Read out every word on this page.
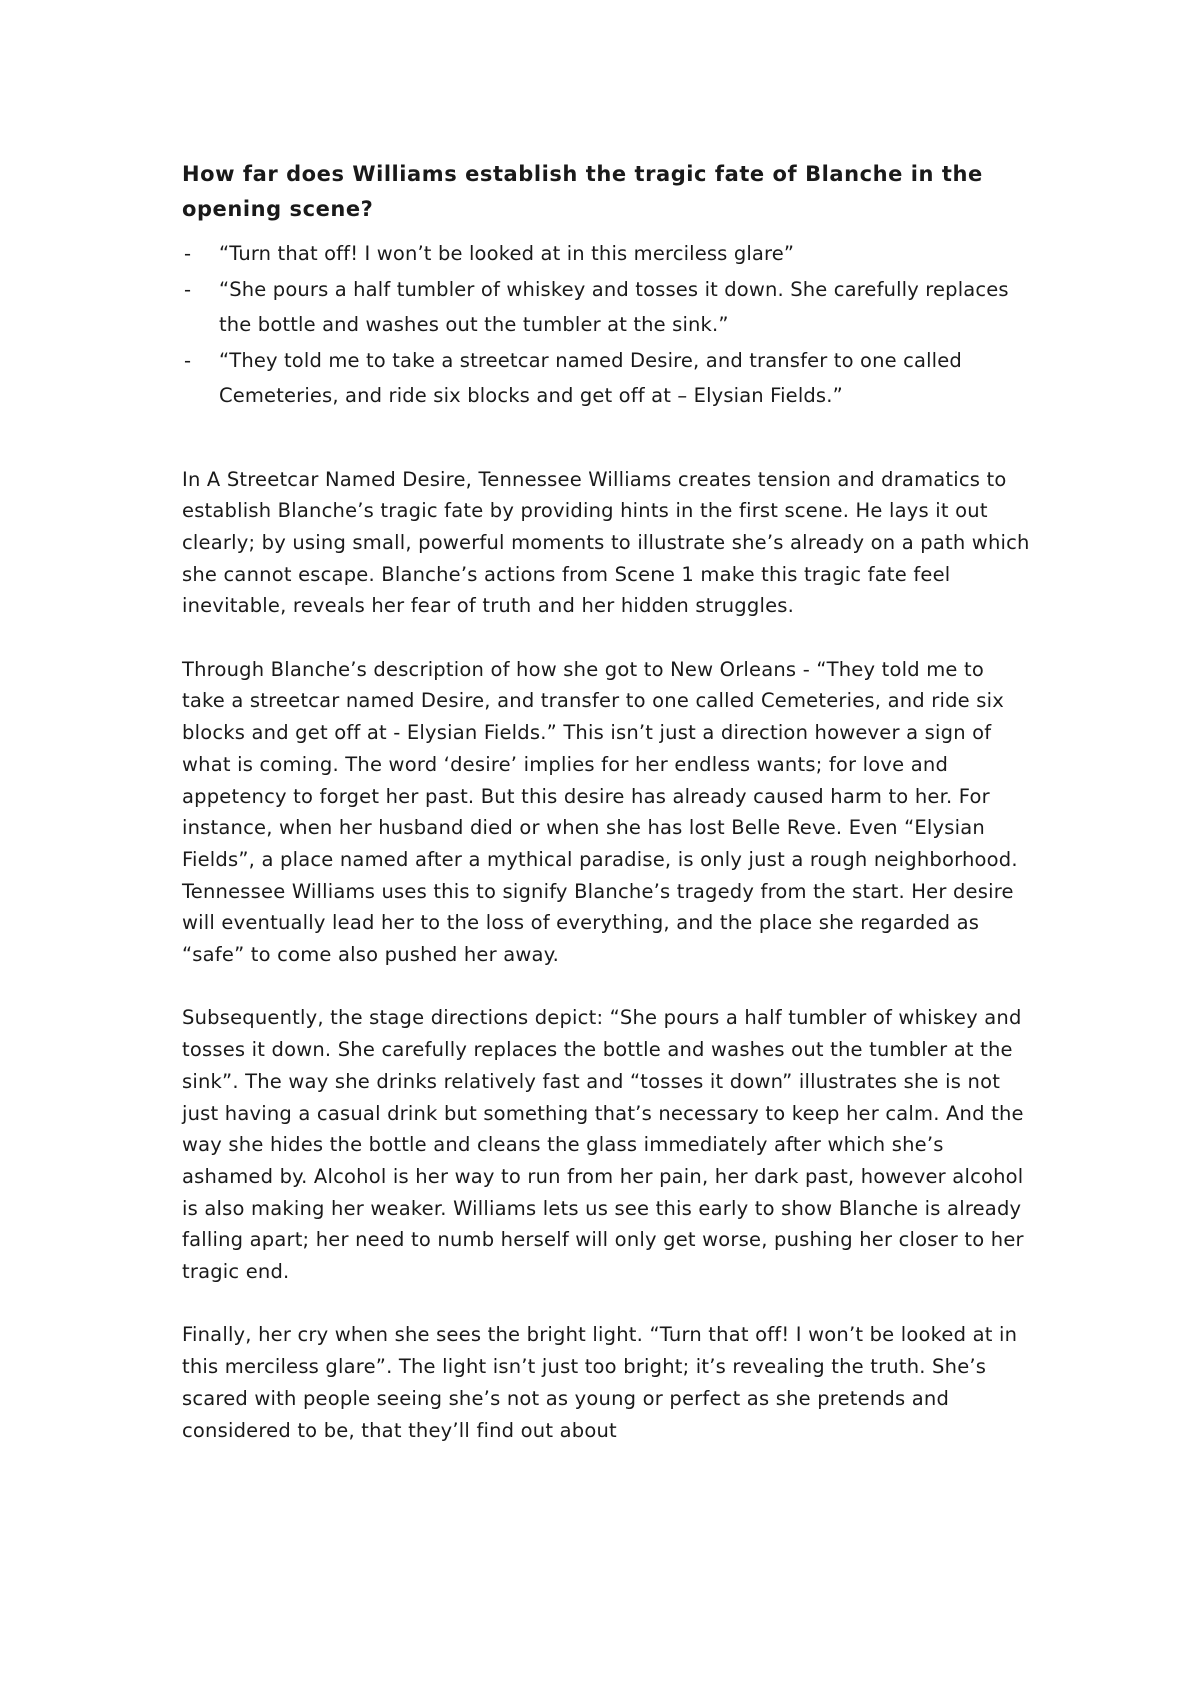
How far does Williams establish the tragic fate of Blanche in the opening scene?
- “Turn that off! I won’t be looked at in this merciless glare”
- “She pours a half tumbler of whiskey and tosses it down. She carefully replaces the bottle and washes out the tumbler at the sink.”
- “They told me to take a streetcar named Desire, and transfer to one called Cemeteries, and ride six blocks and get off at – Elysian Fields.”

In A Streetcar Named Desire, Tennessee Williams creates tension and dramatics to establish Blanche’s tragic fate by providing hints in the first scene. He lays it out clearly; by using small, powerful moments to illustrate she’s already on a path which she cannot escape. Blanche’s actions from Scene 1 make this tragic fate feel inevitable, reveals her fear of truth and her hidden struggles.

Through Blanche’s description of how she got to New Orleans - “They told me to take a streetcar named Desire, and transfer to one called Cemeteries, and ride six blocks and get off at - Elysian Fields.” This isn’t just a direction however a sign of what is coming. The word ‘desire’ implies for her endless wants; for love and appetency to forget her past. But this desire has already caused harm to her. For instance, when her husband died or when she has lost Belle Reve. Even “Elysian Fields”, a place named after a mythical paradise, is only just a rough neighborhood. Tennessee Williams uses this to signify Blanche’s tragedy from the start. Her desire will eventually lead her to the loss of everything, and the place she regarded as “safe” to come also pushed her away.

Subsequently, the stage directions depict: “She pours a half tumbler of whiskey and tosses it down. She carefully replaces the bottle and washes out the tumbler at the sink”. The way she drinks relatively fast and “tosses it down” illustrates she is not just having a casual drink but something that’s necessary to keep her calm. And the way she hides the bottle and cleans the glass immediately after which she’s ashamed by. Alcohol is her way to run from her pain, her dark past, however alcohol is also making her weaker. Williams lets us see this early to show Blanche is already falling apart; her need to numb herself will only get worse, pushing her closer to her tragic end.

Finally, her cry when she sees the bright light. “Turn that off! I won’t be looked at in this merciless glare”. The light isn’t just too bright; it’s revealing the truth. She’s scared with people seeing she’s not as young or perfect as she pretends and considered to be, that they’ll find out about
